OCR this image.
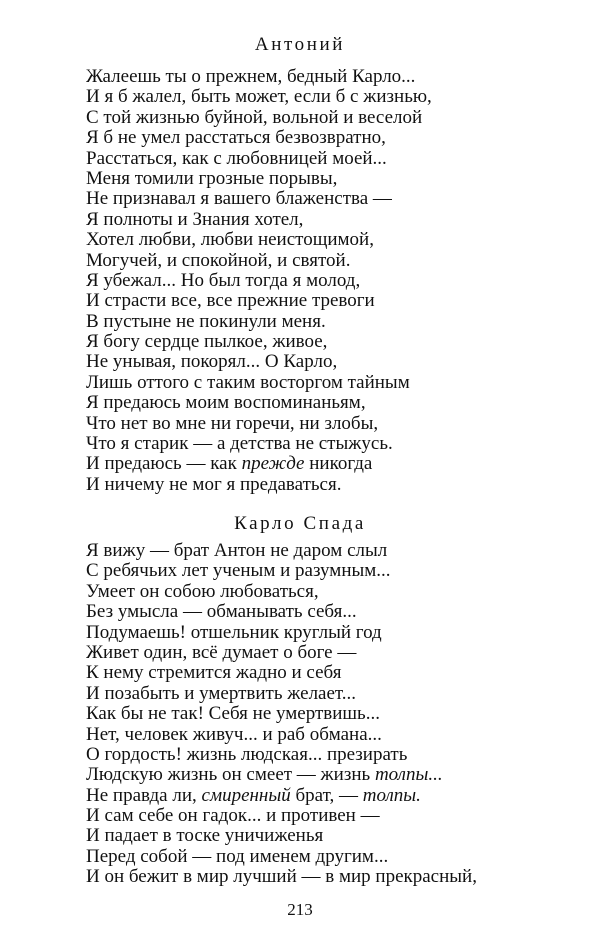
Антоний
Жалеешь ты о прежнем, бедный Карло...
И я б жалел, быть может, если б с жизнью,
С той жизнью буйной, вольной и веселой
Я б не умел расстаться безвозвратно,
Расстаться, как с любовницей моей...
Меня томили грозные порывы,
Не признавал я вашего блаженства —
Я полноты и Знания хотел,
Хотел любви, любви неистощимой,
Могучей, и спокойной, и святой.
Я убежал... Но был тогда я молод,
И страсти все, все прежние тревоги
В пустыне не покинули меня.
Я богу сердце пылкое, живое,
Не унывая, покорял... О Карло,
Лишь оттого с таким восторгом тайным
Я предаюсь моим воспоминаньям,
Что нет во мне ни горечи, ни злобы,
Что я старик — а детства не стыжусь.
И предаюсь — как прежде никогда
И ничему не мог я предаваться.
Карло Спада
Я вижу — брат Антон не даром слыл
С ребячьих лет ученым и разумным...
Умеет он собою любоваться,
Без умысла — обманывать себя...
Подумаешь! отшельник круглый год
Живет один, всё думает о боге —
К нему стремится жадно и себя
И позабыть и умертвить желает...
Как бы не так! Себя не умертвишь...
Нет, человек живуч... и раб обмана...
О гордость! жизнь людская... презирать
Людскую жизнь он смеет — жизнь толпы...
Не правда ли, смиренный брат, — толпы.
И сам себе он гадок... и противен —
И падает в тоске уничиженья
Перед собой — под именем другим...
И он бежит в мир лучший — в мир прекрасный,
213
